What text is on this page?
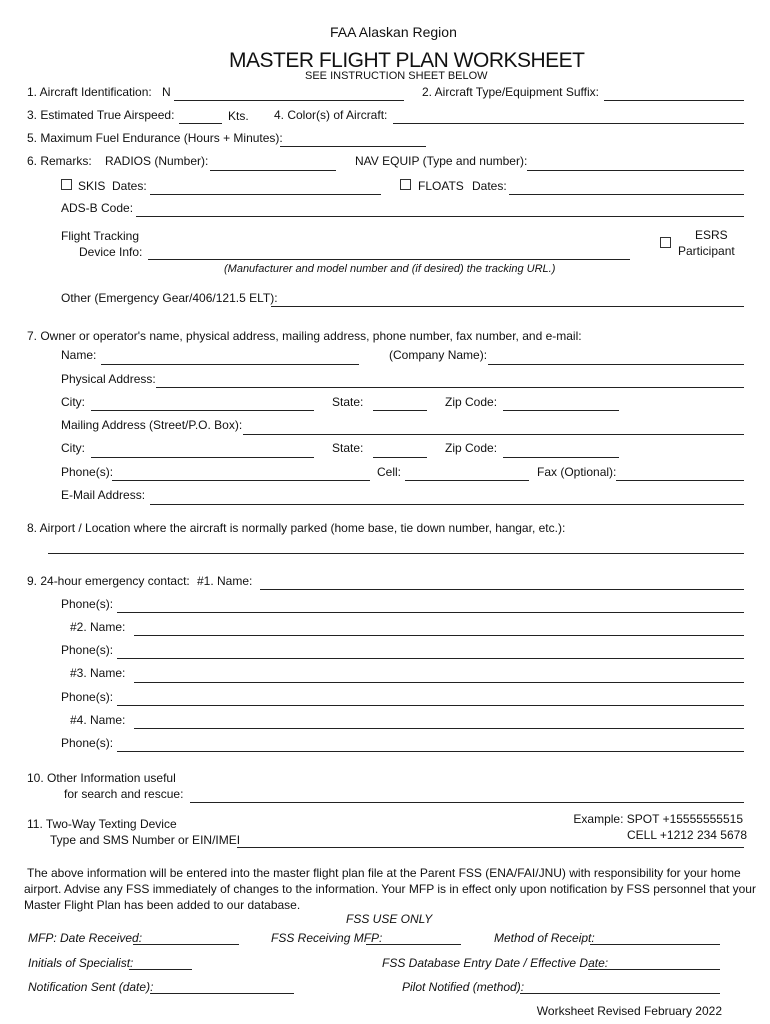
FAA Alaskan Region
MASTER FLIGHT PLAN WORKSHEET
SEE INSTRUCTION SHEET BELOW
1. Aircraft Identification: N	2. Aircraft Type/Equipment Suffix:
3. Estimated True Airspeed:	Kts. 4. Color(s) of Aircraft:
5. Maximum Fuel Endurance (Hours + Minutes):
6. Remarks: RADIOS (Number):	NAV EQUIP (Type and number):
SKIS Dates:	FLOATS Dates:
ADS-B Code:
Flight Tracking
Device Info:
(Manufacturer and model number and (if desired) the tracking URL.)
ESRS
Participant
Other (Emergency Gear/406/121.5 ELT):
7. Owner or operator's name, physical address, mailing address, phone number, fax number, and e-mail:
Name:	(Company Name):
Physical Address:
City:	State:	Zip Code:
Mailing Address (Street/P.O. Box):
City:	State:	Zip Code:
Phone(s):	Cell:	Fax (Optional):
E-Mail Address:
8. Airport / Location where the aircraft is normally parked (home base, tie down number, hangar, etc.):
9. 24-hour emergency contact: #1. Name:
Phone(s):
#2. Name:
Phone(s):
#3. Name:
Phone(s):
#4. Name:
Phone(s):
10. Other Information useful
for search and rescue:
11. Two-Way Texting Device
Type and SMS Number or EIN/IMEI
Example: SPOT +15555555515
CELL +1212 234 5678
The above information will be entered into the master flight plan file at the Parent FSS (ENA/FAI/JNU) with responsibility for your home
airport. Advise any FSS immediately of changes to the information. Your MFP is in effect only upon notification by FSS personnel that your
Master Flight Plan has been added to our database.
FSS USE ONLY
MFP: Date Received:	FSS Receiving MFP:	Method of Receipt:
Initials of Specialist:	FSS Database Entry Date / Effective Date:
Notification Sent (date):	Pilot Notified (method):
Worksheet Revised February 2022
